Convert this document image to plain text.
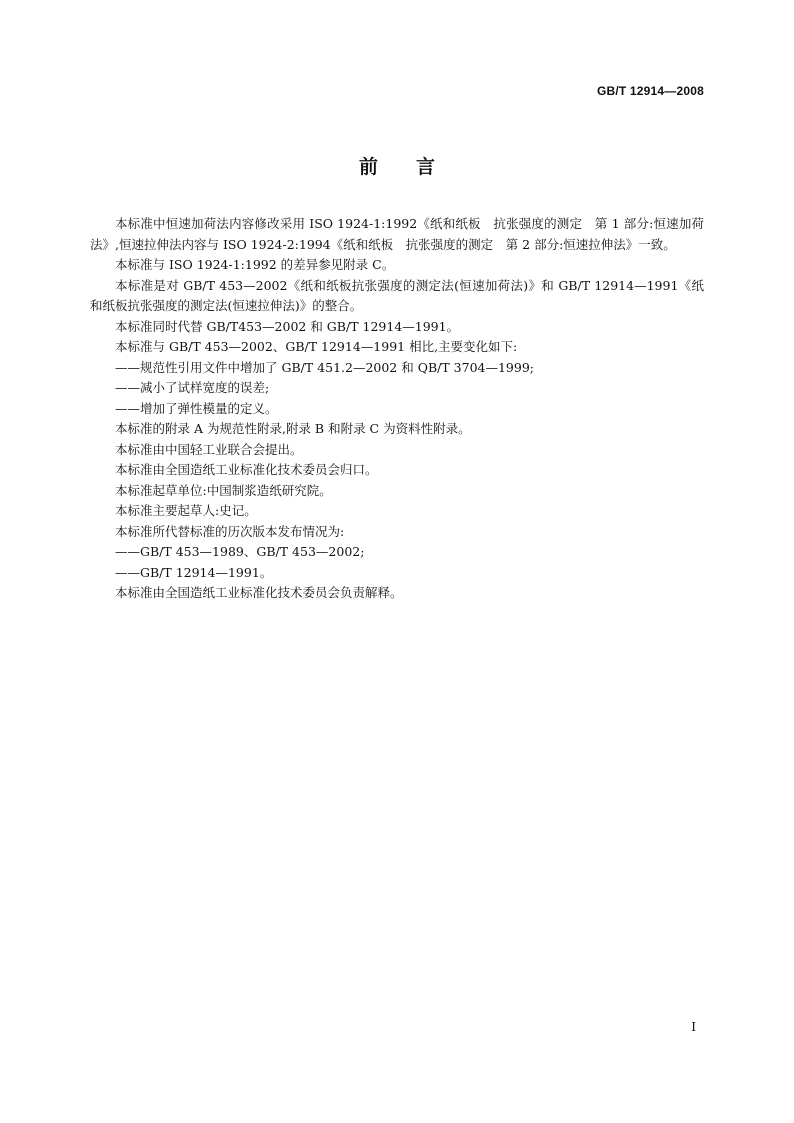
GB/T 12914—2008
前言

本标准中恒速加荷法内容修改采用 ISO 1924-1:1992《纸和纸板　抗张强度的测定　第 1 部分:恒速加荷法》,恒速拉伸法内容与 ISO 1924-2:1994《纸和纸板　抗张强度的测定　第 2 部分:恒速拉伸法》一致。

本标准与 ISO 1924-1:1992 的差异参见附录 C。

本标准是对 GB/T 453—2002《纸和纸板抗张强度的测定法(恒速加荷法)》和 GB/T 12914—1991《纸和纸板抗张强度的测定法(恒速拉伸法)》的整合。

本标准同时代替 GB/T453—2002 和 GB/T 12914—1991。

本标准与 GB/T 453—2002、GB/T 12914—1991 相比,主要变化如下:

——规范性引用文件中增加了 GB/T 451.2—2002 和 QB/T 3704—1999;

——减小了试样宽度的误差;

——增加了弹性模量的定义。

本标准的附录 A 为规范性附录,附录 B 和附录 C 为资料性附录。

本标准由中国轻工业联合会提出。

本标准由全国造纸工业标准化技术委员会归口。

本标准起草单位:中国制浆造纸研究院。

本标准主要起草人:史记。

本标准所代替标准的历次版本发布情况为:

——GB/T 453—1989、GB/T 453—2002;

——GB/T 12914—1991。

本标准由全国造纸工业标准化技术委员会负责解释。

I
